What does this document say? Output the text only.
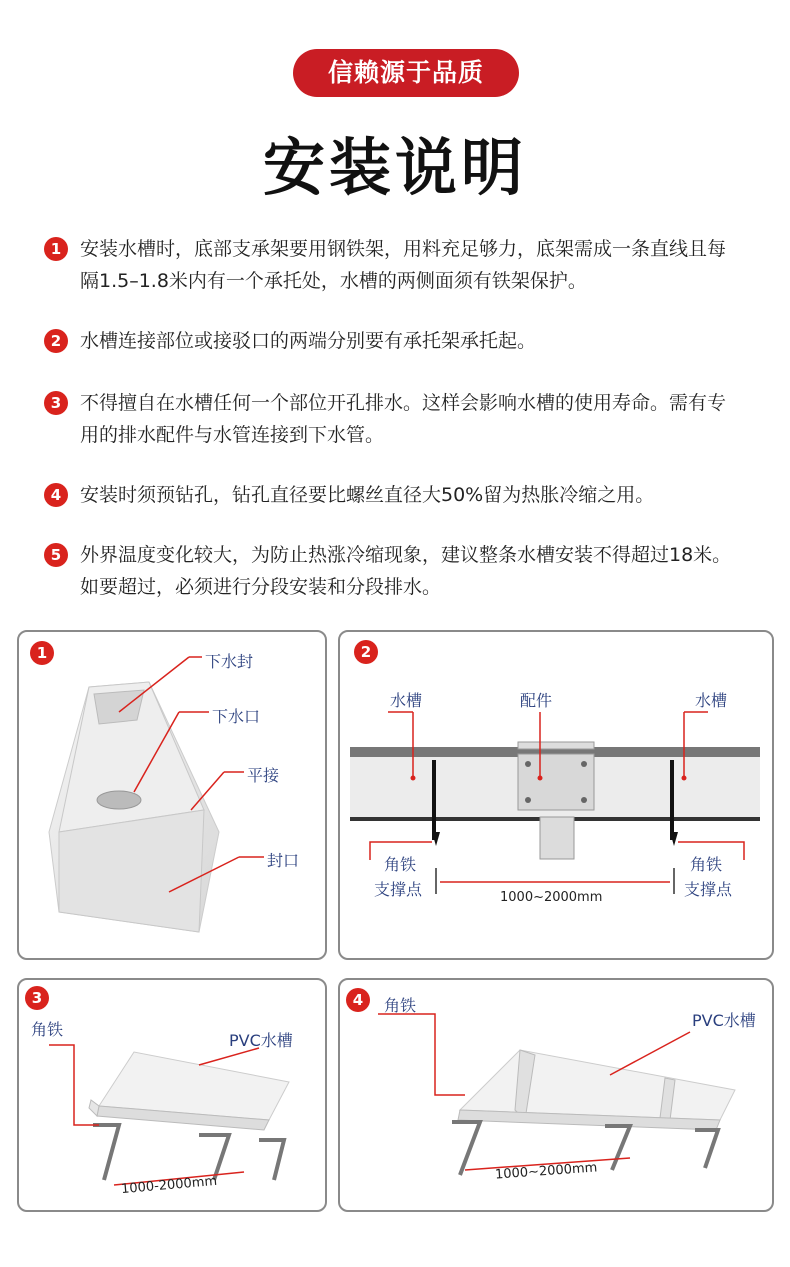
信赖源于品质
安装说明
1 安装水槽时，底部支承架要用钢铁架，用料充足够力，底架需成一条直线且每隔1.5–1.8米内有一个承托处，水槽的两侧面须有铁架保护。
2 水槽连接部位或接驳口的两端分别要有承托架承托起。
3 不得擅自在水槽任何一个部位开孔排水。这样会影响水槽的使用寿命。需有专用的排水配件与水管连接到下水管。
4 安装时须预钻孔，钻孔直径要比螺丝直径大50%留为热胀冷缩之用。
5 外界温度变化较大，为防止热涨冷缩现象，建议整条水槽安装不得超过18米。如要超过，必须进行分段安装和分段排水。
1	下水封
下水口
平接
封口
2
水槽	配件	水槽
角铁
支撑点
角铁
支撑点
1000~2000mm
3
角铁
PVC水槽
1000-2000mm
4	角铁
PVC水槽
1000~2000mm
